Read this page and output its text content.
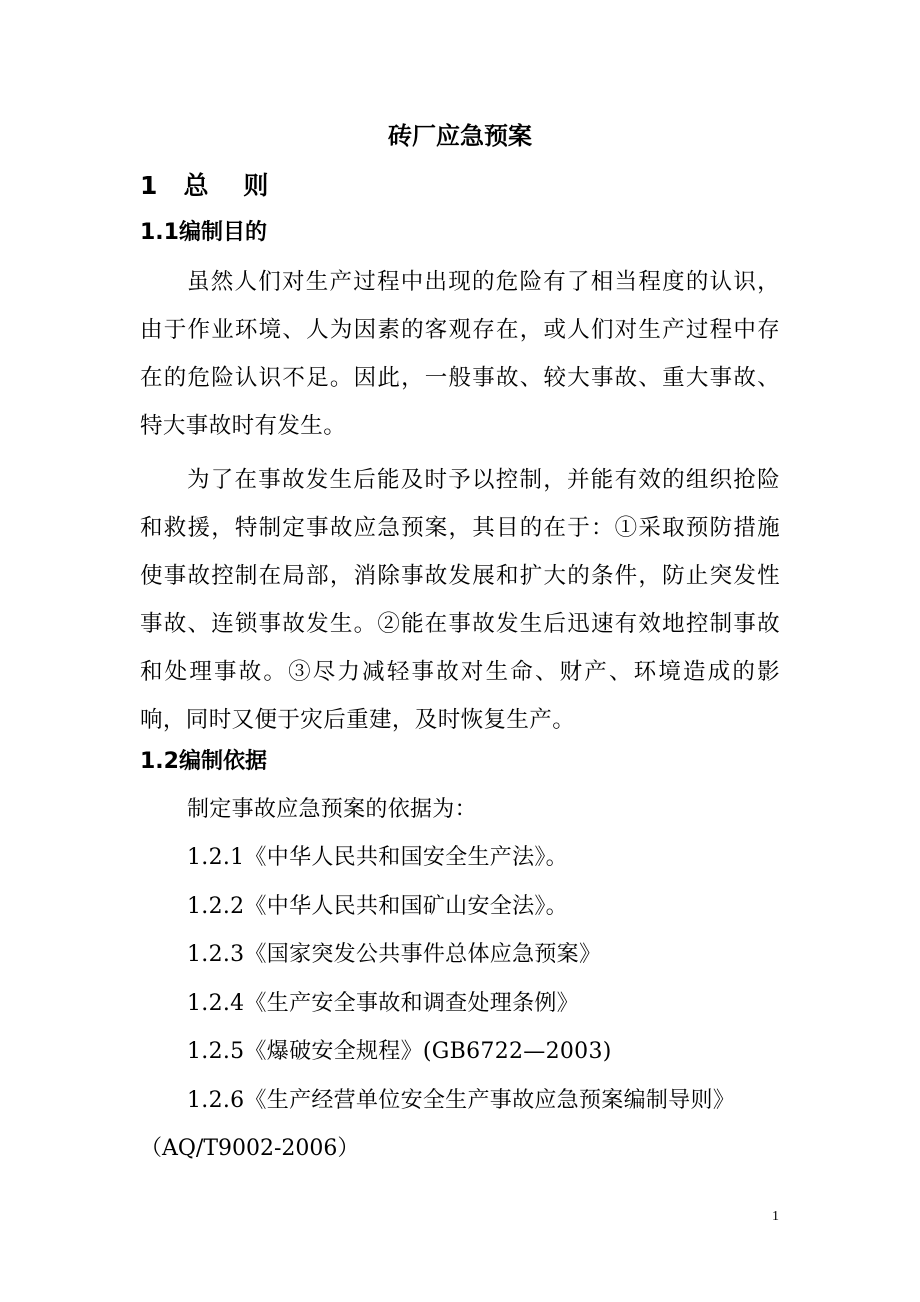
砖厂应急预案
1   总    则
1.1编制目的

虽然人们对生产过程中出现的危险有了相当程度的认识，由于作业环境、人为因素的客观存在，或人们对生产过程中存在的危险认识不足。因此，一般事故、较大事故、重大事故、特大事故时有发生。

为了在事故发生后能及时予以控制，并能有效的组织抢险和救援，特制定事故应急预案，其目的在于：①采取预防措施使事故控制在局部，消除事故发展和扩大的条件，防止突发性事故、连锁事故发生。②能在事故发生后迅速有效地控制事故和处理事故。③尽力减轻事故对生命、财产、环境造成的影响，同时又便于灾后重建，及时恢复生产。

1.2编制依据
制定事故应急预案的依据为：
1.2.1《中华人民共和国安全生产法》。
1.2.2《中华人民共和国矿山安全法》。
1.2.3《国家突发公共事件总体应急预案》
1.2.4《生产安全事故和调查处理条例》
1.2.5《爆破安全规程》(GB6722—2003)
1.2.6《生产经营单位安全生产事故应急预案编制导则》
（AQ/T9002-2006）
1
